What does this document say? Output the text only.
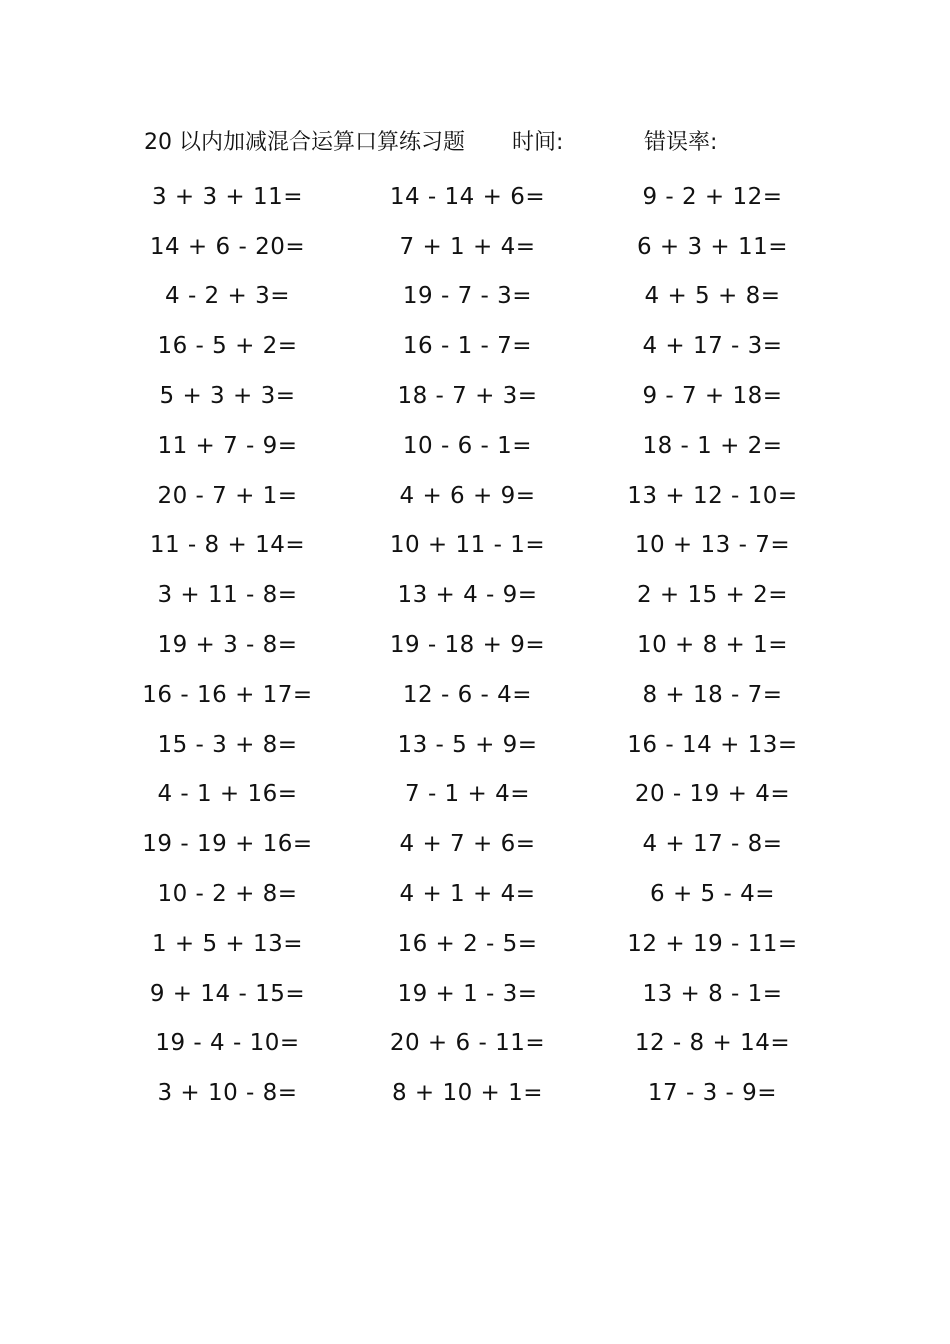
20 以内加减混合运算口算练习题 时间:	错误率:
3 + 3 + 11=	14 - 14 + 6=	9 - 2 + 12=
14 + 6 - 20=	7 + 1 + 4=	6 + 3 + 11=
4 - 2 + 3=	19 - 7 - 3=	4 + 5 + 8=
16 - 5 + 2=	16 - 1 - 7=	4 + 17 - 3=
5 + 3 + 3=	18 - 7 + 3=	9 - 7 + 18=
11 + 7 - 9=	10 - 6 - 1=	18 - 1 + 2=
20 - 7 + 1=	4 + 6 + 9=	13 + 12 - 10=
11 - 8 + 14=	10 + 11 - 1=	10 + 13 - 7=
3 + 11 - 8=	13 + 4 - 9=	2 + 15 + 2=
19 + 3 - 8=	19 - 18 + 9=	10 + 8 + 1=
16 - 16 + 17=	12 - 6 - 4=	8 + 18 - 7=
15 - 3 + 8=	13 - 5 + 9=	16 - 14 + 13=
4 - 1 + 16=	7 - 1 + 4=	20 - 19 + 4=
19 - 19 + 16=	4 + 7 + 6=	4 + 17 - 8=
10 - 2 + 8=	4 + 1 + 4=	6 + 5 - 4=
1 + 5 + 13=	16 + 2 - 5=	12 + 19 - 11=
9 + 14 - 15=	19 + 1 - 3=	13 + 8 - 1=
19 - 4 - 10=	20 + 6 - 11=	12 - 8 + 14=
3 + 10 - 8=	8 + 10 + 1=	17 - 3 - 9=
